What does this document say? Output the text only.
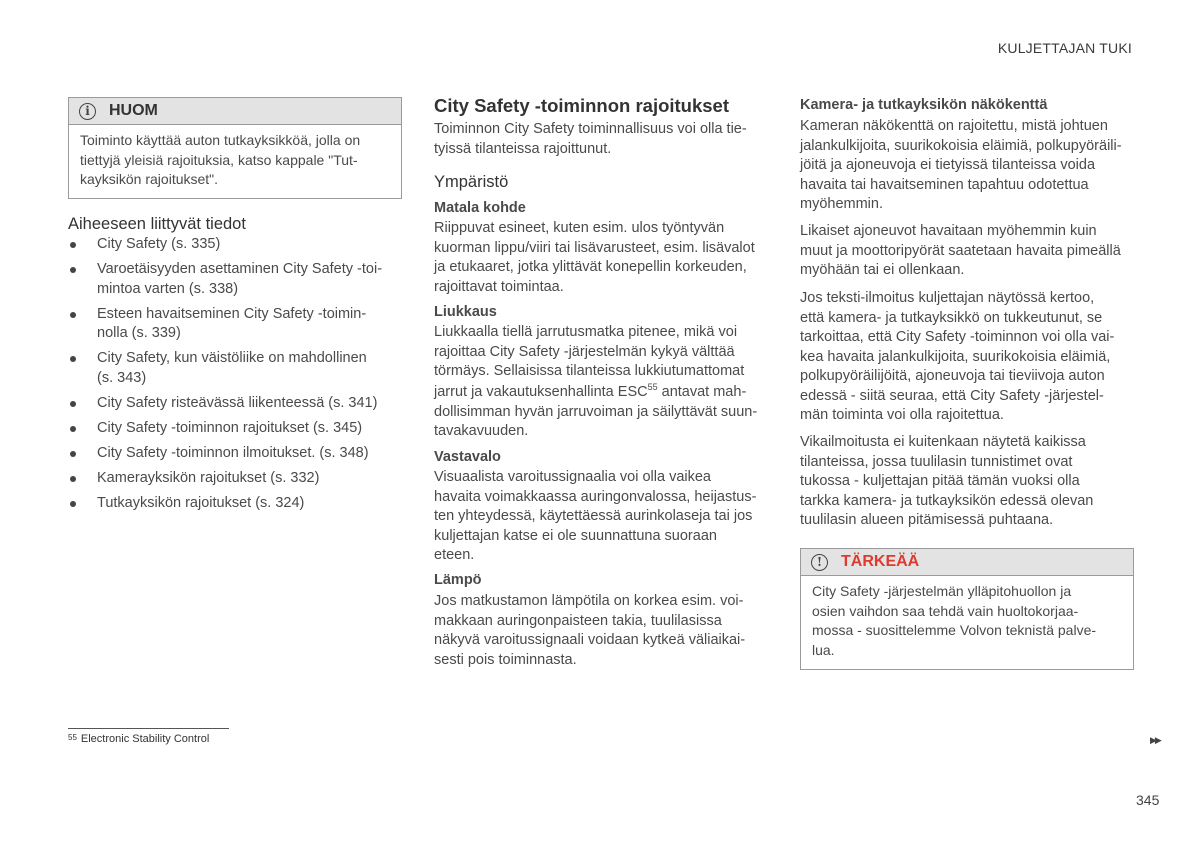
KULJETTAJAN TUKI
i	HUOM
Toiminto käyttää auton tutkayksikköä, jolla on
tiettyjä yleisiä rajoituksia, katso kappale "Tut-
kayksikön rajoitukset".
Aiheeseen liittyvät tiedot
City Safety (s. 335)
Varoetäisyyden asettaminen City Safety -toi-
mintoa varten (s. 338)
Esteen havaitseminen City Safety -toimin-
nolla (s. 339)
City Safety, kun väistöliike on mahdollinen
(s. 343)
City Safety risteävässä liikenteessä (s. 341)
City Safety -toiminnon rajoitukset (s. 345)
City Safety -toiminnon ilmoitukset. (s. 348)
Kamerayksikön rajoitukset (s. 332)
Tutkayksikön rajoitukset (s. 324)
City Safety -toiminnon rajoitukset
Toiminnon City Safety toiminnallisuus voi olla tie-
tyissä tilanteissa rajoittunut.
Ympäristö
Matala kohde
Riippuvat esineet, kuten esim. ulos työntyvän
kuorman lippu/viiri tai lisävarusteet, esim. lisävalot
ja etukaaret, jotka ylittävät konepellin korkeuden,
rajoittavat toimintaa.
Liukkaus
Liukkaalla tiellä jarrutusmatka pitenee, mikä voi
rajoittaa City Safety -järjestelmän kykyä välttää
törmäys. Sellaisissa tilanteissa lukkiutumattomat
jarrut ja vakautuksenhallinta ESC$^{55}$ antavat mah-
dollisimman hyvän jarruvoiman ja säilyttävät suun-
tavakavuuden.
Vastavalo
Visuaalista varoitussignaalia voi olla vaikea
havaita voimakkaassa auringonvalossa, heijastus-
ten yhteydessä, käytettäessä aurinkolaseja tai jos
kuljettajan katse ei ole suunnattuna suoraan
eteen.
Lämpö
Jos matkustamon lämpötila on korkea esim. voi-
makkaan auringonpaisteen takia, tuulilasissa
näkyvä varoitussignaali voidaan kytkeä väliaikai-
sesti pois toiminnasta.
Kamera- ja tutkayksikön näkökenttä
Kameran näkökenttä on rajoitettu, mistä johtuen
jalankulkijoita, suurikokoisia eläimiä, polkupyöräili-
jöitä ja ajoneuvoja ei tietyissä tilanteissa voida
havaita tai havaitseminen tapahtuu odotettua
myöhemmin.
Likaiset ajoneuvot havaitaan myöhemmin kuin
muut ja moottoripyörät saatetaan havaita pimeällä
myöhään tai ei ollenkaan.
Jos teksti-ilmoitus kuljettajan näytössä kertoo,
että kamera- ja tutkayksikkö on tukkeutunut, se
tarkoittaa, että City Safety -toiminnon voi olla vai-
kea havaita jalankulkijoita, suurikokoisia eläimiä,
polkupyöräilijöitä, ajoneuvoja tai tieviivoja auton
edessä - siitä seuraa, että City Safety -järjestel-
män toiminta voi olla rajoitettua.
Vikailmoitusta ei kuitenkaan näytetä kaikissa
tilanteissa, jossa tuulilasin tunnistimet ovat
tukossa - kuljettajan pitää tämän vuoksi olla
tarkka kamera- ja tutkayksikön edessä olevan
tuulilasin alueen pitämisessä puhtaana.
!	TÄRKEÄÄ
City Safety -järjestelmän ylläpitohuollon ja
osien vaihdon saa tehdä vain huoltokorjaa-
mossa - suosittelemme Volvon teknistä palve-
lua.
$^{55}$ Electronic Stability Control	▶▶
345
